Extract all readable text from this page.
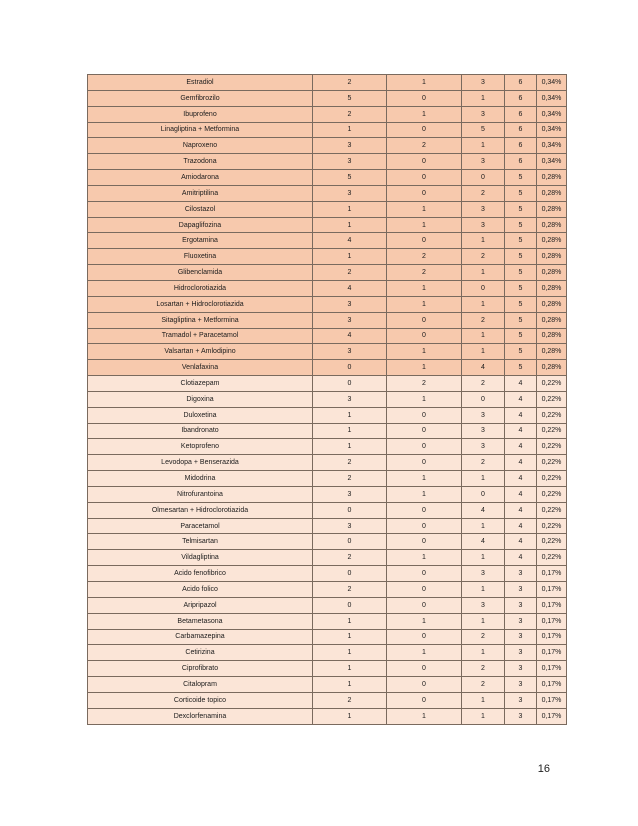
Estradiol	2	1	3	6	0,34%
Gemfibrozilo	5	0	1	6	0,34%
Ibuprofeno	2	1	3	6	0,34%
Linagliptina + Metformina	1	0	5	6	0,34%
Naproxeno	3	2	1	6	0,34%
Trazodona	3	0	3	6	0,34%
Amiodarona	5	0	0	5	0,28%
Amitriptilina	3	0	2	5	0,28%
Cilostazol	1	1	3	5	0,28%
Dapaglifozina	1	1	3	5	0,28%
Ergotamina	4	0	1	5	0,28%
Fluoxetina	1	2	2	5	0,28%
Glibenclamida	2	2	1	5	0,28%
Hidroclorotiazida	4	1	0	5	0,28%
Losartan + Hidroclorotiazida	3	1	1	5	0,28%
Sitagliptina + Metformina	3	0	2	5	0,28%
Tramadol + Paracetamol	4	0	1	5	0,28%
Valsartan + Amlodipino	3	1	1	5	0,28%
Venlafaxina	0	1	4	5	0,28%
Clotiazepam	0	2	2	4	0,22%
Digoxina	3	1	0	4	0,22%
Duloxetina	1	0	3	4	0,22%
Ibandronato	1	0	3	4	0,22%
Ketoprofeno	1	0	3	4	0,22%
Levodopa + Benserazida	2	0	2	4	0,22%
Midodrina	2	1	1	4	0,22%
Nitrofurantoina	3	1	0	4	0,22%
Olmesartan + Hidroclorotiazida	0	0	4	4	0,22%
Paracetamol	3	0	1	4	0,22%
Telmisartan	0	0	4	4	0,22%
Vildagliptina	2	1	1	4	0,22%
Acido fenofibrico	0	0	3	3	0,17%
Acido folico	2	0	1	3	0,17%
Aripripazol	0	0	3	3	0,17%
Betametasona	1	1	1	3	0,17%
Carbamazepina	1	0	2	3	0,17%
Cetirizina	1	1	1	3	0,17%
Ciprofibrato	1	0	2	3	0,17%
Citalopram	1	0	2	3	0,17%
Corticoide topico	2	0	1	3	0,17%
Dexclorfenamina	1	1	1	3	0,17%
16
